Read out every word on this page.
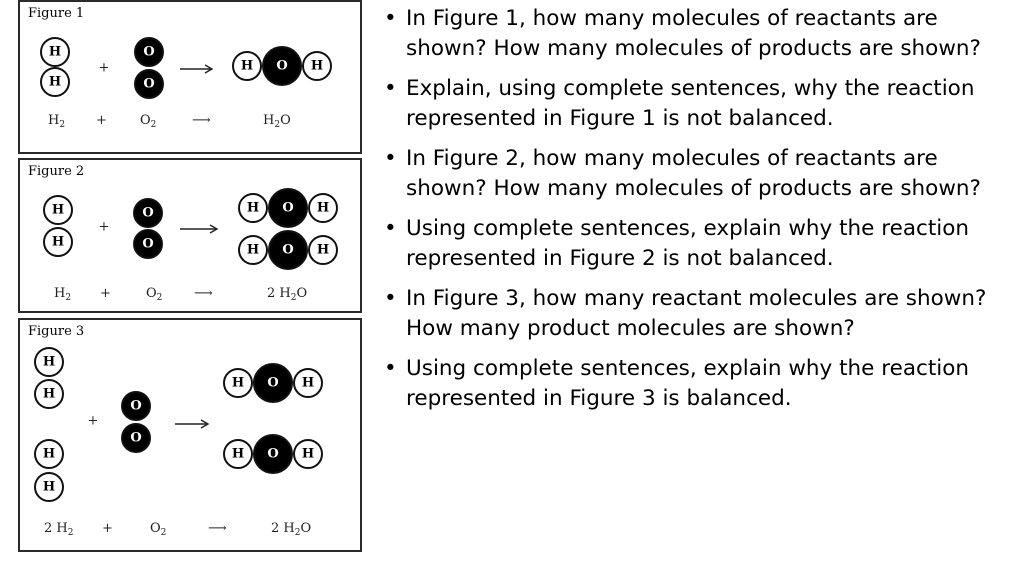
Figure 1
H
H
+
O
O
H	H
O
$H_2$ +	$O_2$	⟶	$H_2O$
Figure 2
H
H
+
O
O
H	H
O
H	H
O
$H_2$ +	$O_2$ ⟶	2 $H_2O$
Figure 3
H
H
H
H
+
O
O
H	H
O
H	H
O
2 $H_2$ +	$O_2$	⟶	2 $H_2O$
• In Figure 1, how many molecules of reactants are shown? How many molecules of products are shown?
• Explain, using complete sentences, why the reaction represented in Figure 1 is not balanced.
• In Figure 2, how many molecules of reactants are shown? How many molecules of products are shown?
• Using complete sentences, explain why the reaction represented in Figure 2 is not balanced.
• In Figure 3, how many reactant molecules are shown? How many product molecules are shown?
• Using complete sentences, explain why the reaction represented in Figure 3 is balanced.
